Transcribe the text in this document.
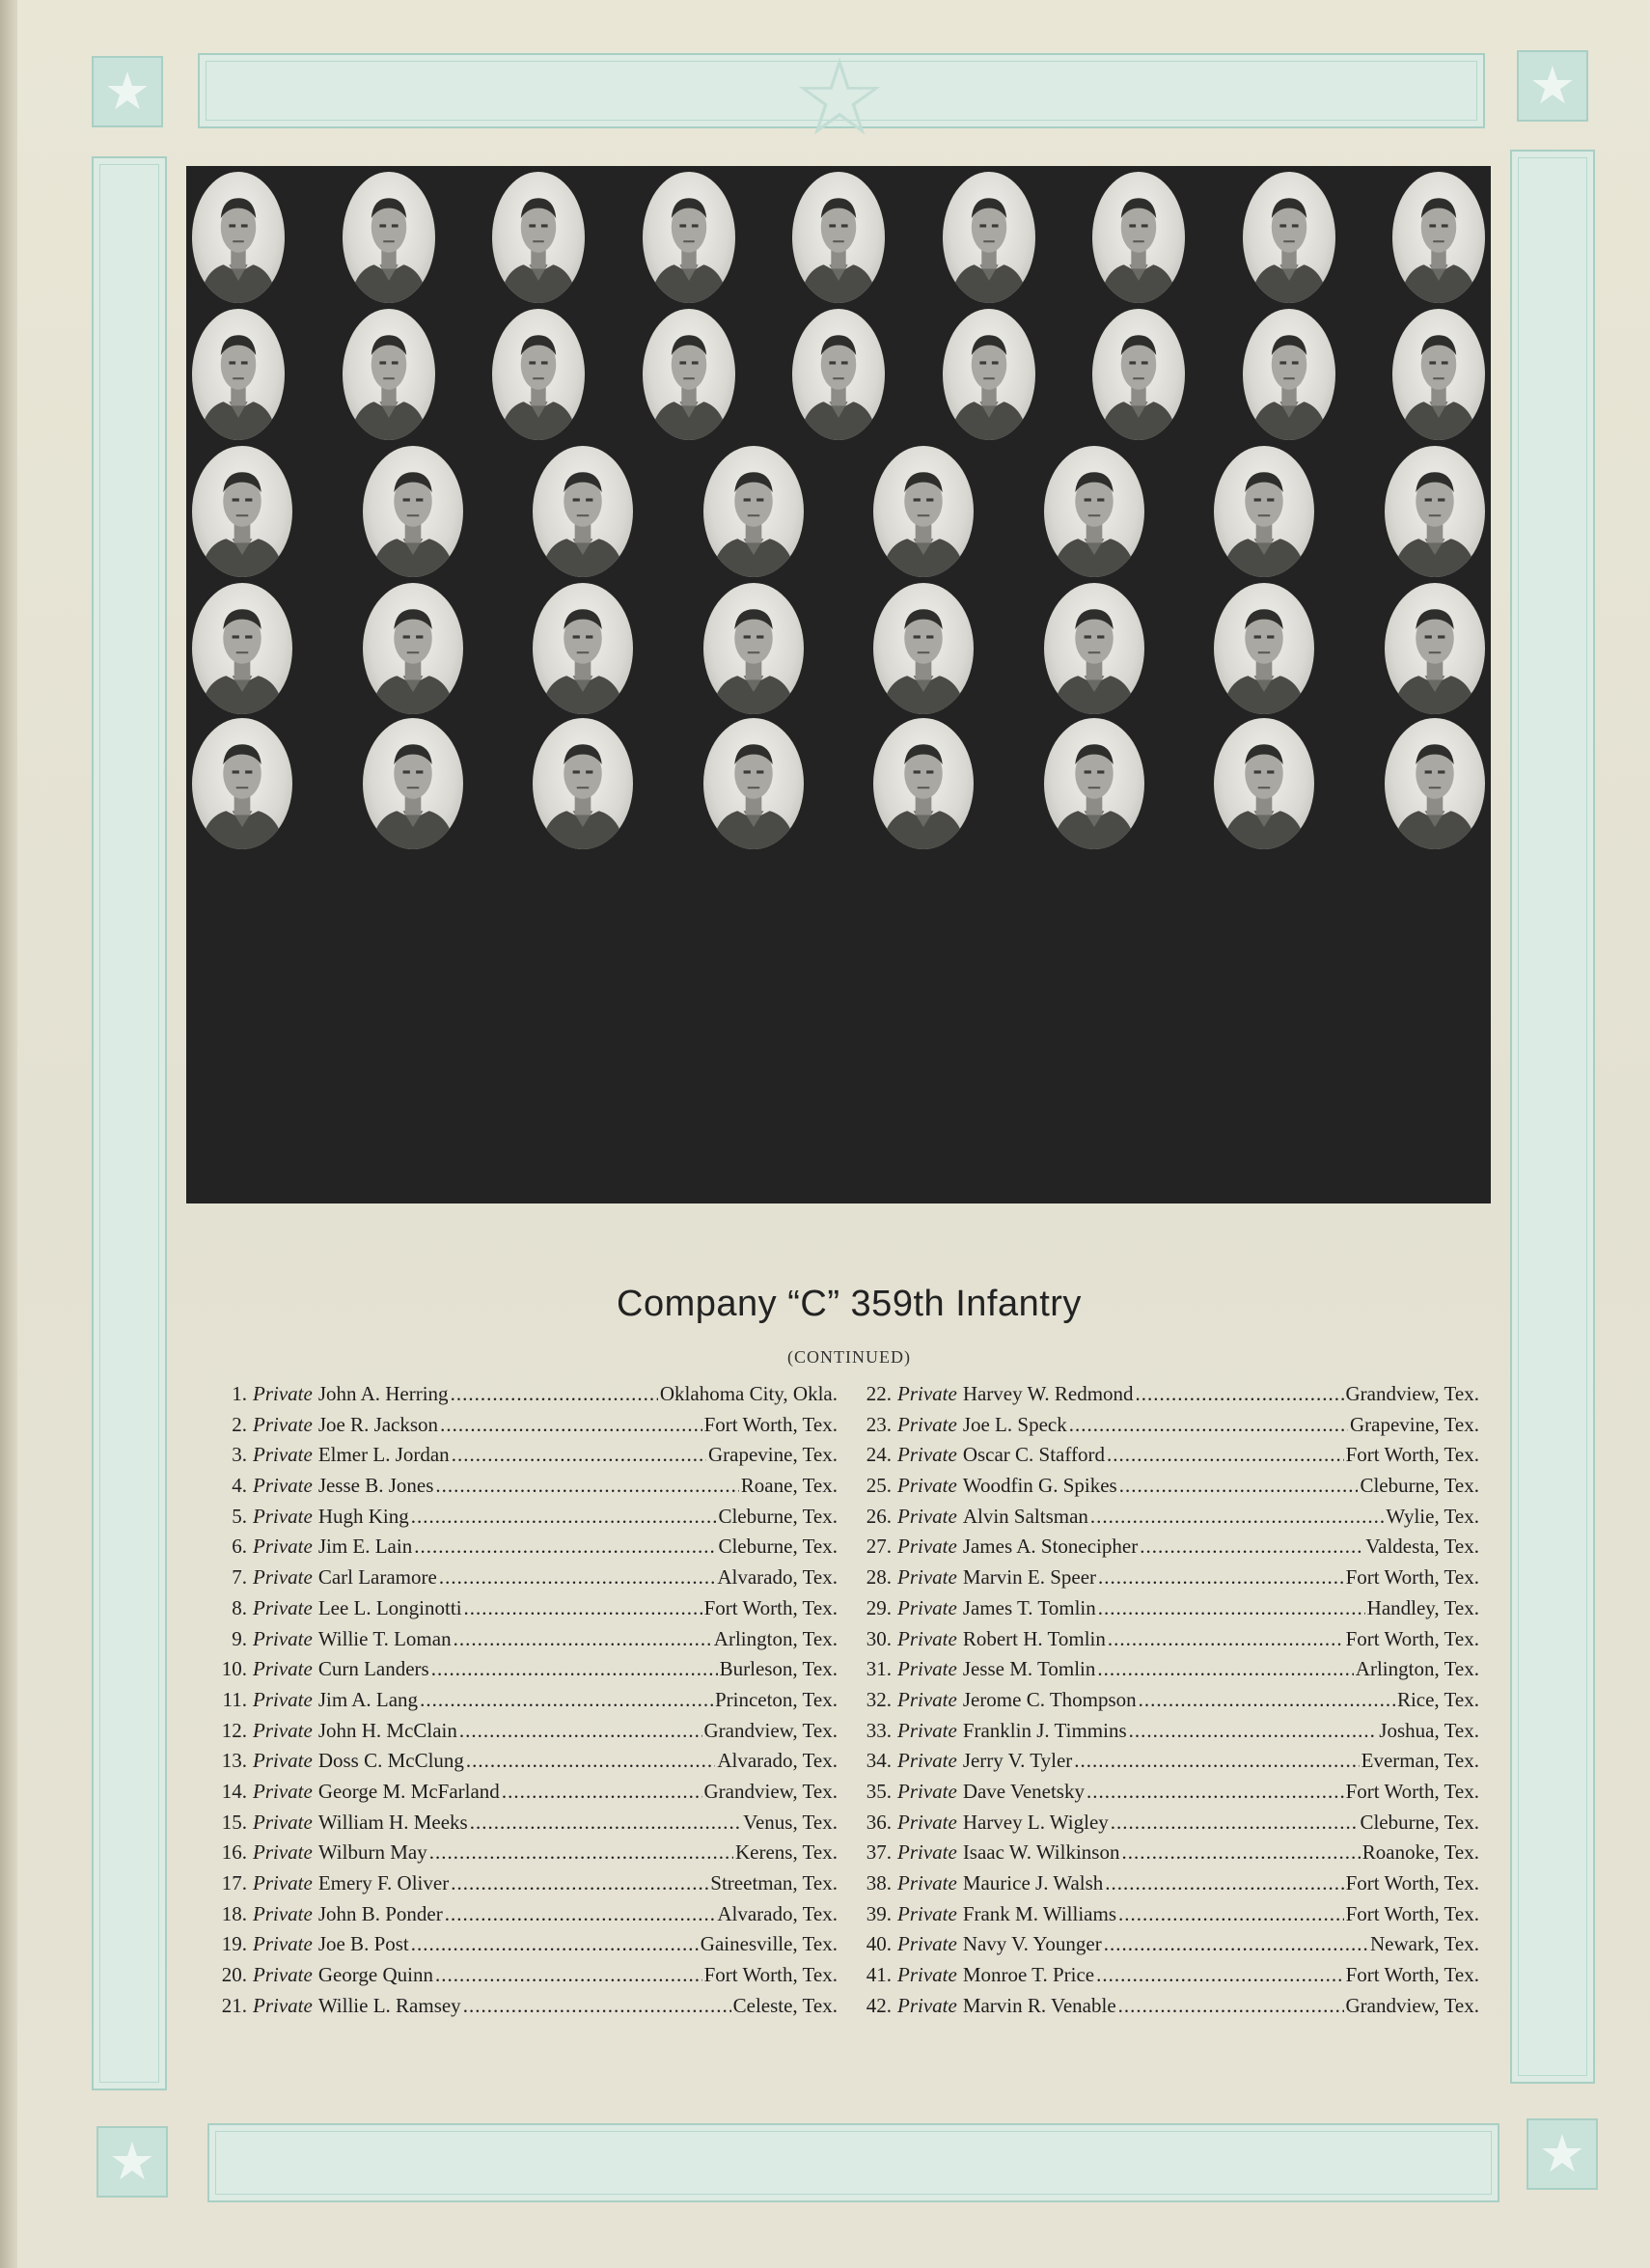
★	★
★	★
☆
Company “C” 359th Infantry
(CONTINUED)
1. Private John A. Herring .....	Oklahoma City, Okla.
2. Private Joe R. Jackson .....	Fort Worth, Tex.
3. Private Elmer L. Jordan .....	Grapevine, Tex.
4. Private Jesse B. Jones .....	Roane, Tex.
5. Private Hugh King .....	Cleburne, Tex.
6. Private Jim E. Lain .....	Cleburne, Tex.
7. Private Carl Laramore .....	Alvarado, Tex.
8. Private Lee L. Longinotti .....	Fort Worth, Tex.
9. Private Willie T. Loman .....	Arlington, Tex.
10. Private Curn Landers .....	Burleson, Tex.
11. Private Jim A. Lang .....	Princeton, Tex.
12. Private John H. McClain .....	Grandview, Tex.
13. Private Doss C. McClung .....	Alvarado, Tex.
14. Private George M. McFarland .....	Grandview, Tex.
15. Private William H. Meeks .....	Venus, Tex.
16. Private Wilburn May .....	Kerens, Tex.
17. Private Emery F. Oliver .....	Streetman, Tex.
18. Private John B. Ponder .....	Alvarado, Tex.
19. Private Joe B. Post .....	Gainesville, Tex.
20. Private George Quinn .....	Fort Worth, Tex.
21. Private Willie L. Ramsey .....	Celeste, Tex.
22. Private Harvey W. Redmond .....	Grandview, Tex.
23. Private Joe L. Speck .....	Grapevine, Tex.
24. Private Oscar C. Stafford .....	Fort Worth, Tex.
25. Private Woodfin G. Spikes .....	Cleburne, Tex.
26. Private Alvin Saltsman .....	Wylie, Tex.
27. Private James A. Stonecipher .....	Valdesta, Tex.
28. Private Marvin E. Speer .....	Fort Worth, Tex.
29. Private James T. Tomlin .....	Handley, Tex.
30. Private Robert H. Tomlin .....	Fort Worth, Tex.
31. Private Jesse M. Tomlin .....	Arlington, Tex.
32. Private Jerome C. Thompson .....	Rice, Tex.
33. Private Franklin J. Timmins .....	Joshua, Tex.
34. Private Jerry V. Tyler .....	Everman, Tex.
35. Private Dave Venetsky .....	Fort Worth, Tex.
36. Private Harvey L. Wigley .....	Cleburne, Tex.
37. Private Isaac W. Wilkinson .....	Roanoke, Tex.
38. Private Maurice J. Walsh .....	Fort Worth, Tex.
39. Private Frank M. Williams .....	Fort Worth, Tex.
40. Private Navy V. Younger .....	Newark, Tex.
41. Private Monroe T. Price .....	Fort Worth, Tex.
42. Private Marvin R. Venable .....	Grandview, Tex.
